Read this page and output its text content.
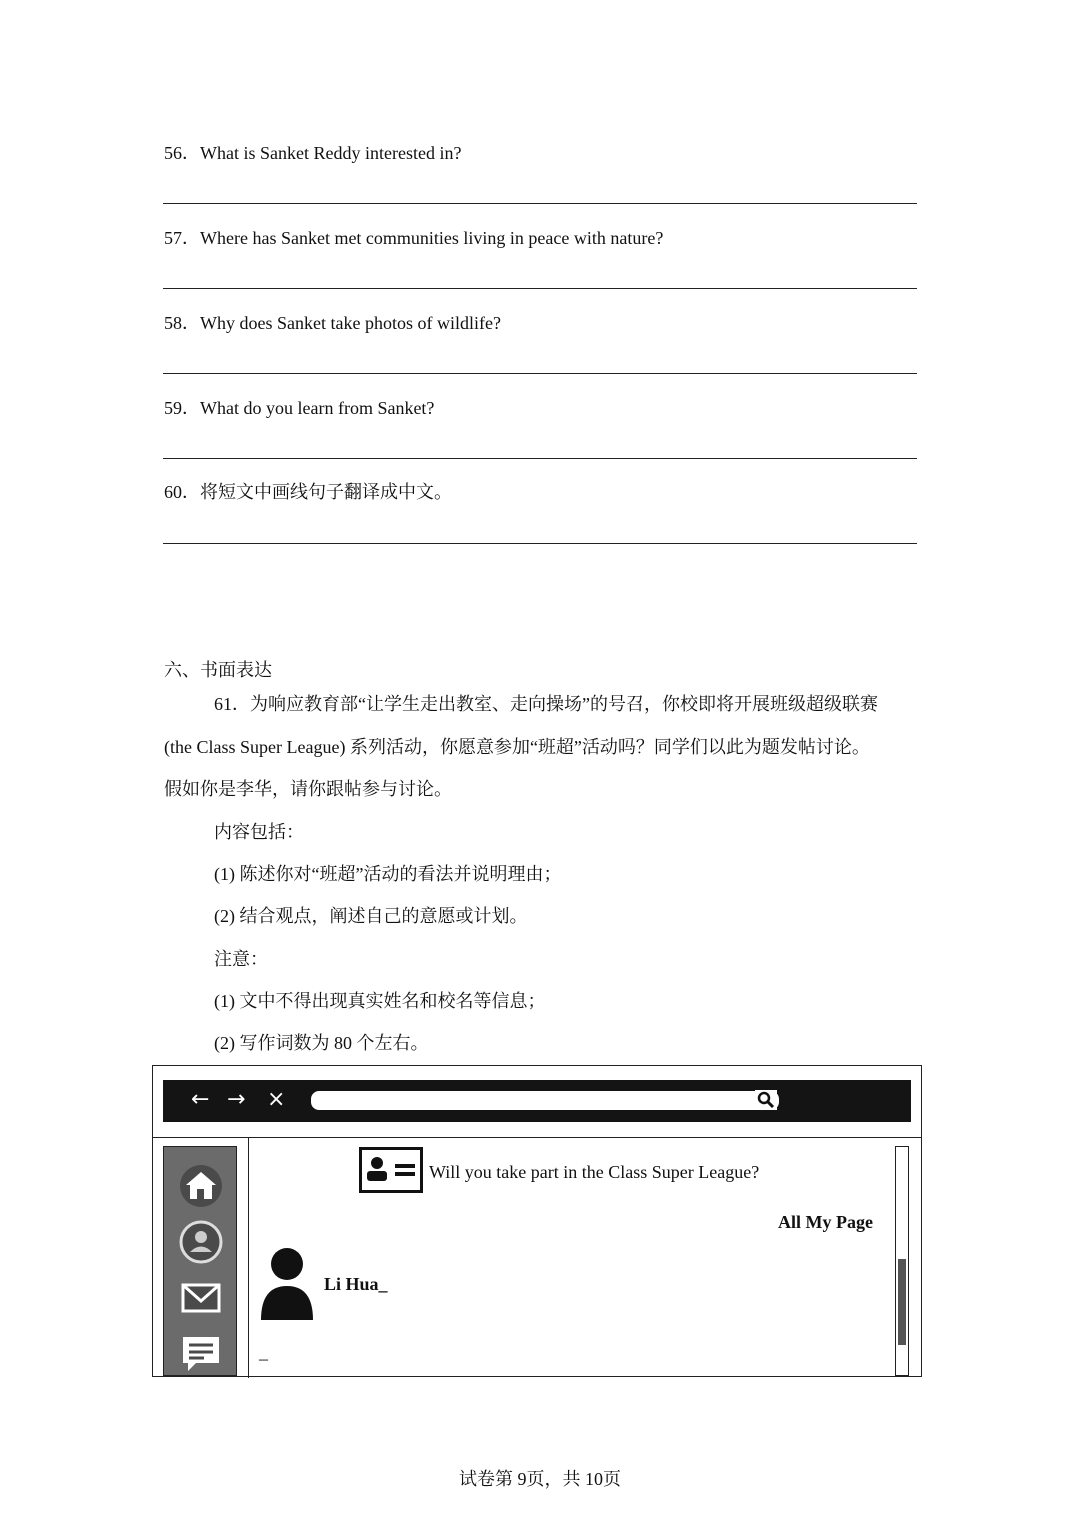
56．What is Sanket Reddy interested in?
57．Where has Sanket met communities living in peace with nature?
58．Why does Sanket take photos of wildlife?
59．What do you learn from Sanket?
60．将短文中画线句子翻译成中文。
六、书面表达
61．为响应教育部“让学生走出教室、走向操场”的号召，你校即将开展班级超级联赛
(the Class Super League) 系列活动，你愿意参加“班超”活动吗？同学们以此为题发帖讨论。
假如你是李华，请你跟帖参与讨论。
内容包括：
(1) 陈述你对“班超”活动的看法并说明理由；
(2) 结合观点，阐述自己的意愿或计划。
注意：
(1) 文中不得出现真实姓名和校名等信息；
(2) 写作词数为 80 个左右。
← → ×
Will you take part in the Class Super League?
All My Page
Li Hua_
_
试卷第 9页，共 10页
